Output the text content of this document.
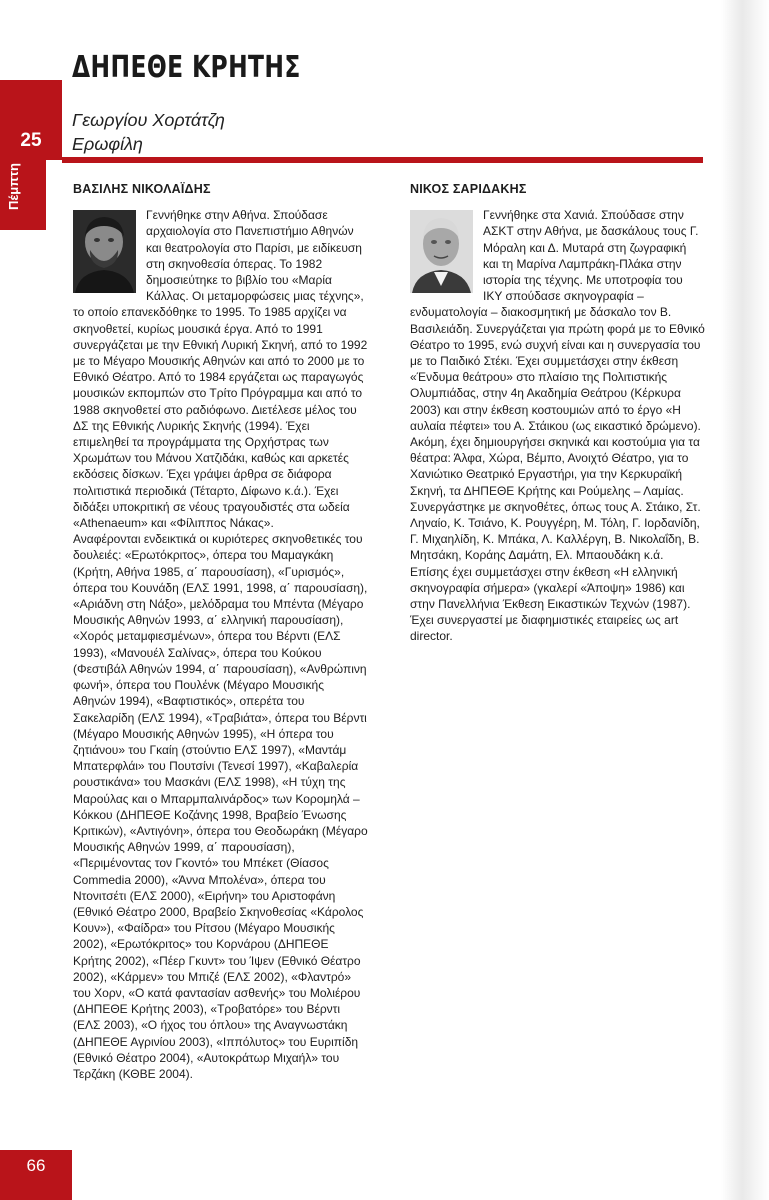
ΔΗΠΕΘΕ ΚΡΗΤΗΣ
Γεωργίου Χορτάτζη
Ερωφίλη
25
Πέμπτη	ΒΑΣΙΛΗΣ ΝΙΚΟΛΑΪΔΗΣ

Γεννήθηκε στην Αθήνα. Σπούδασε αρχαιολογία στο Πανεπιστήμιο Αθηνών και θεατρολογία στο Παρίσι, με ειδίκευση στη σκηνοθεσία όπερας. Το 1982 δημοσιεύτηκε το βιβλίο του «Μαρία Κάλλας. Οι μεταμορφώσεις μιας τέχνης», το οποίο επανεκδόθηκε το 1995. Το 1985 αρχίζει να σκηνοθετεί, κυρίως μουσικά έργα. Από το 1991 συνεργάζεται με την Εθνική Λυρική Σκηνή, από το 1992 με το Μέγαρο Μουσικής Αθηνών και από το 2000 με το Εθνικό Θέατρο. Από το 1984 εργάζεται ως παραγωγός μουσικών εκπομπών στο Τρίτο Πρόγραμμα και από το 1988 σκηνοθετεί στο ραδιόφωνο. Διετέλεσε μέλος του ΔΣ της Εθνικής Λυρικής Σκηνής (1994). Έχει επιμεληθεί τα προγράμματα της Ορχήστρας των Χρωμάτων του Μάνου Χατζιδάκι, καθώς και αρκετές εκδόσεις δίσκων. Έχει γράψει άρθρα σε διάφορα πολιτιστικά περιοδικά (Τέταρτο, Δίφωνο κ.ά.). Έχει διδάξει υποκριτική σε νέους τραγουδιστές στα ωδεία «Athenaeum» και «Φίλιππος Νάκας».

Αναφέρονται ενδεικτικά οι κυριότερες σκηνοθετικές του δουλειές: «Ερωτόκριτος», όπερα του Μαμαγκάκη (Κρήτη, Αθήνα 1985, α΄ παρουσίαση), «Γυρισμός», όπερα του Κουνάδη (ΕΛΣ 1991, 1998, α΄ παρουσίαση), «Αριάδνη στη Νάξο», μελόδραμα του Μπέντα (Μέγαρο Μουσικής Αθηνών 1993, α΄ ελληνική παρουσίαση), «Χορός μεταμφιεσμένων», όπερα του Βέρντι (ΕΛΣ 1993), «Μανουέλ Σαλίνας», όπερα του Κούκου (Φεστιβάλ Αθηνών 1994, α΄ παρουσίαση), «Ανθρώπινη φωνή», όπερα του Πουλένκ (Μέγαρο Μουσικής Αθηνών 1994), «Βαφτιστικός», οπερέτα του Σακελαρίδη (ΕΛΣ 1994), «Τραβιάτα», όπερα του Βέρντι (Μέγαρο Μουσικής Αθηνών 1995), «Η όπερα του ζητιάνου» του Γκαίη (στούντιο ΕΛΣ 1997), «Μαντάμ Μπατερφλάι» του Πουτσίνι (Τενεσί 1997), «Καβαλερία ρουστικάνα» του Μασκάνι (ΕΛΣ 1998), «Η τύχη της Μαρούλας και ο Μπαρμπαλινάρδος» των Κορομηλά – Κόκκου (ΔΗΠΕΘΕ Κοζάνης 1998, Βραβείο Ένωσης Κριτικών), «Αντιγόνη», όπερα του Θεοδωράκη (Μέγαρο Μουσικής Αθηνών 1999, α΄ παρουσίαση), «Περιμένοντας τον Γκοντό» του Μπέκετ (Θίασος Commedia 2000), «Άννα Μπολένα», όπερα του Ντονιτσέτι (ΕΛΣ 2000), «Ειρήνη» του Αριστοφάνη (Εθνικό Θέατρο 2000, Βραβείο Σκηνοθεσίας «Κάρολος Κουν»), «Φαίδρα» του Ρίτσου (Μέγαρο Μουσικής 2002), «Ερωτόκριτος» του Κορνάρου (ΔΗΠΕΘΕ Κρήτης 2002), «Πέερ Γκυντ» του Ίψεν (Εθνικό Θέατρο 2002), «Κάρμεν» του Μπιζέ (ΕΛΣ 2002), «Φλαντρό» του Χορν, «Ο κατά φαντασίαν ασθενής» του Μολιέρου (ΔΗΠΕΘΕ Κρήτης 2003), «Τροβατόρε» του Βέρντι (ΕΛΣ 2003), «Ο ήχος του όπλου» της Αναγνωστάκη (ΔΗΠΕΘΕ Αγρινίου 2003), «Ιππόλυτος» του Ευριπίδη (Εθνικό Θέατρο 2004), «Αυτοκράτωρ Μιχαήλ» του Τερζάκη (ΚΘΒΕ 2004).

ΝΙΚΟΣ ΣΑΡΙΔΑΚΗΣ

Γεννήθηκε στα Χανιά. Σπούδασε στην ΑΣΚΤ στην Αθήνα, με δασκάλους τους Γ. Μόραλη και Δ. Μυταρά στη ζωγραφική και τη Μαρίνα Λαμπράκη-Πλάκα στην ιστορία της τέχνης. Με υποτροφία του ΙΚΥ σπούδασε σκηνογραφία – ενδυματολογία – διακοσμητική με δάσκαλο τον Β. Βασιλειάδη. Συνεργάζεται για πρώτη φορά με το Εθνικό Θέατρο το 1995, ενώ συχνή είναι και η συνεργασία του με το Παιδικό Στέκι. Έχει συμμετάσχει στην έκθεση «Ένδυμα θεάτρου» στο πλαίσιο της Πολιτιστικής Ολυμπιάδας, στην 4η Ακαδημία Θεάτρου (Κέρκυρα 2003) και στην έκθεση κοστουμιών από το έργο «Η αυλαία πέφτει» του Α. Στάικου (ως εικαστικό δρώμενο).

Ακόμη, έχει δημιουργήσει σκηνικά και κοστούμια για τα θέατρα: Άλφα, Χώρα, Βέμπο, Ανοιχτό Θέατρο, για το Χανιώτικο Θεατρικό Εργαστήρι, για την Κερκυραϊκή Σκηνή, τα ΔΗΠΕΘΕ Κρήτης και Ρούμελης – Λαμίας.

Συνεργάστηκε με σκηνοθέτες, όπως τους Α. Στάικο, Στ. Ληναίο, Κ. Τσιάνο, Κ. Ρουγγέρη, Μ. Τόλη, Γ. Ιορδανίδη, Γ. Μιχαηλίδη, Κ. Μπάκα, Λ. Καλλέργη, Β. Νικολαΐδη, Β. Μητσάκη, Κοράης Δαμάτη, Ελ. Μπαουδάκη κ.ά.

Επίσης έχει συμμετάσχει στην έκθεση «Η ελληνική σκηνογραφία σήμερα» (γκαλερί «Άποψη» 1986) και στην Πανελλήνια Έκθεση Εικαστικών Τεχνών (1987). Έχει συνεργαστεί με διαφημιστικές εταιρείες ως art director.

66
